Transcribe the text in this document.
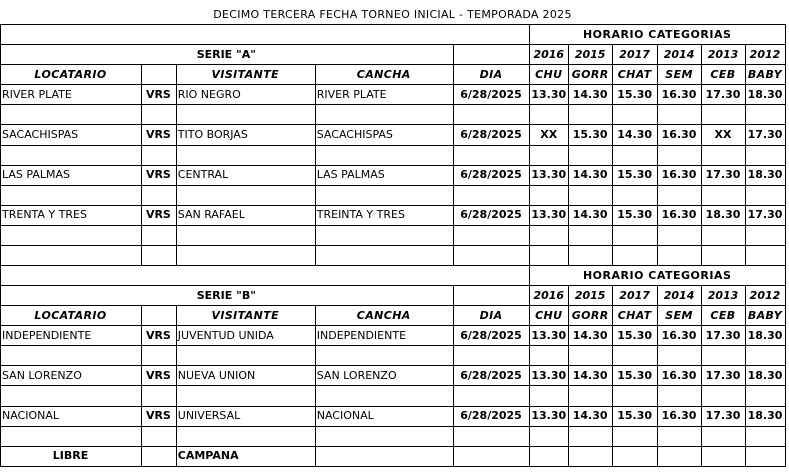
DECIMO TERCERA FECHA TORNEO INICIAL - TEMPORADA 2025										
					HORARIO CATEGORIAS					
SERIE "A"					2016	2015	2017	2014	2013	2012
LOCATARIO		VISITANTE	CANCHA	DIA	CHU	GORR	CHAT	SEM	CEB	BABY
RIVER PLATE	VRS	RIO NEGRO	RIVER PLATE	6/28/2025	13.30	14.30	15.30	16.30	17.30	18.30

SACACHISPAS	VRS	TITO BORJAS	SACACHISPAS	6/28/2025	XX	15.30	14.30	16.30	XX	17.30

LAS PALMAS	VRS	CENTRAL	LAS PALMAS	6/28/2025	13.30	14.30	15.30	16.30	17.30	18.30

TRENTA Y TRES	VRS	SAN RAFAEL	TREINTA Y TRES	6/28/2025	13.30	14.30	15.30	16.30	18.30	17.30

					HORARIO CATEGORIAS					
SERIE "B"					2016	2015	2017	2014	2013	2012
LOCATARIO		VISITANTE	CANCHA	DIA	CHU	GORR	CHAT	SEM	CEB	BABY
INDEPENDIENTE	VRS	JUVENTUD UNIDA	INDEPENDIENTE	6/28/2025	13.30	14.30	15.30	16.30	17.30	18.30

SAN LORENZO	VRS	NUEVA UNION	SAN LORENZO	6/28/2025	13.30	14.30	15.30	16.30	17.30	18.30

NACIONAL	VRS	UNIVERSAL	NACIONAL	6/28/2025	13.30	14.30	15.30	16.30	17.30	18.30

LIBRE		CAMPANA								
